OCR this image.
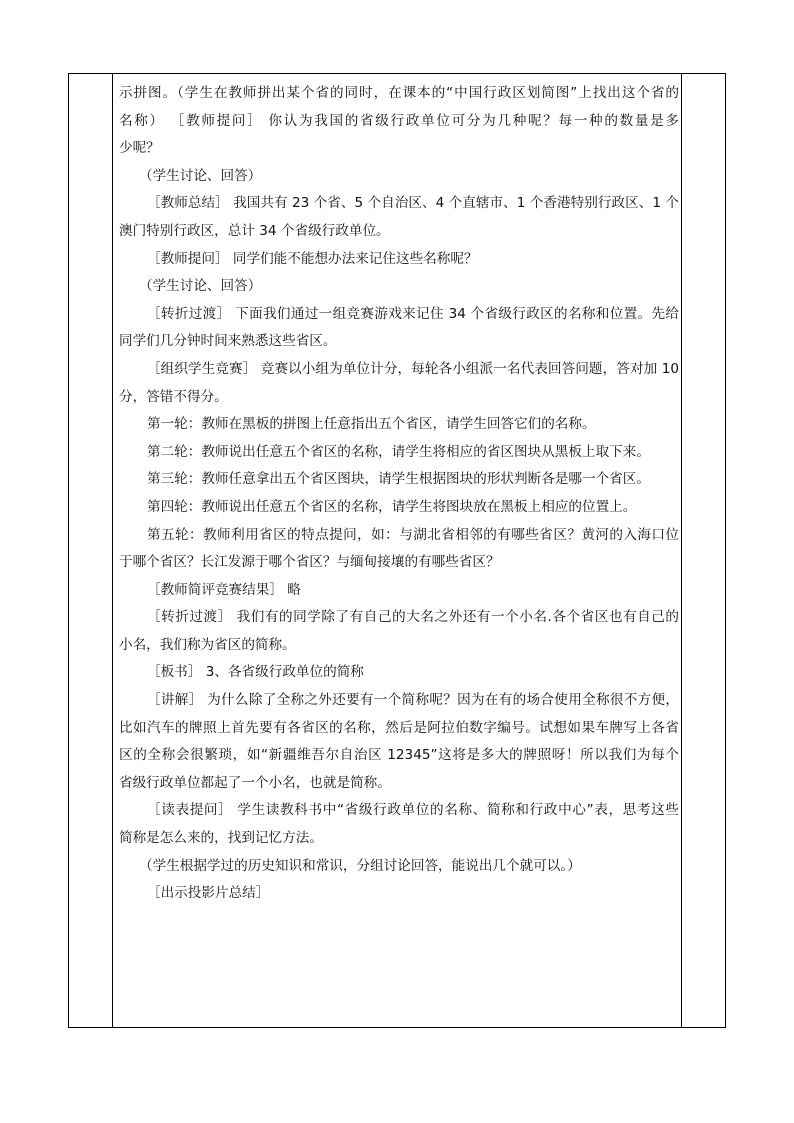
示拼图。（学生在教师拼出某个省的同时，在课本的“中国行政区划简图”上找出这个省的
名称） ［教师提问］ 你认为我国的省级行政单位可分为几种呢？每一种的数量是多
少呢？
（学生讨论、回答）
［教师总结］ 我国共有 23 个省、5 个自治区、4 个直辖市、1 个香港特别行政区、1 个
澳门特别行政区，总计 34 个省级行政单位。
［教师提问］ 同学们能不能想办法来记住这些名称呢？
（学生讨论、回答）
［转折过渡］ 下面我们通过一组竞赛游戏来记住 34 个省级行政区的名称和位置。先给
同学们几分钟时间来熟悉这些省区。
［组织学生竞赛］ 竞赛以小组为单位计分，每轮各小组派一名代表回答问题，答对加 10
分，答错不得分。
第一轮：教师在黑板的拼图上任意指出五个省区，请学生回答它们的名称。
第二轮：教师说出任意五个省区的名称，请学生将相应的省区图块从黑板上取下来。
第三轮：教师任意拿出五个省区图块，请学生根据图块的形状判断各是哪一个省区。
第四轮：教师说出任意五个省区的名称，请学生将图块放在黑板上相应的位置上。
第五轮：教师利用省区的特点提问，如：与湖北省相邻的有哪些省区？黄河的入海口位
于哪个省区？长江发源于哪个省区？与缅甸接壤的有哪些省区？
［教师简评竞赛结果］ 略
［转折过渡］ 我们有的同学除了有自己的大名之外还有一个小名.各个省区也有自己的
小名，我们称为省区的简称。
［板书］ 3、各省级行政单位的简称
［讲解］ 为什么除了全称之外还要有一个简称呢？因为在有的场合使用全称很不方便，
比如汽车的牌照上首先要有各省区的名称，然后是阿拉伯数字编号。试想如果车牌写上各省
区的全称会很繁琐，如“新疆维吾尔自治区 12345”这将是多大的牌照呀！所以我们为每个
省级行政单位都起了一个小名，也就是简称。
［读表提问］ 学生读教科书中“省级行政单位的名称、简称和行政中心”表，思考这些
简称是怎么来的，找到记忆方法。
（学生根据学过的历史知识和常识，分组讨论回答，能说出几个就可以。）
［出示投影片总结］
